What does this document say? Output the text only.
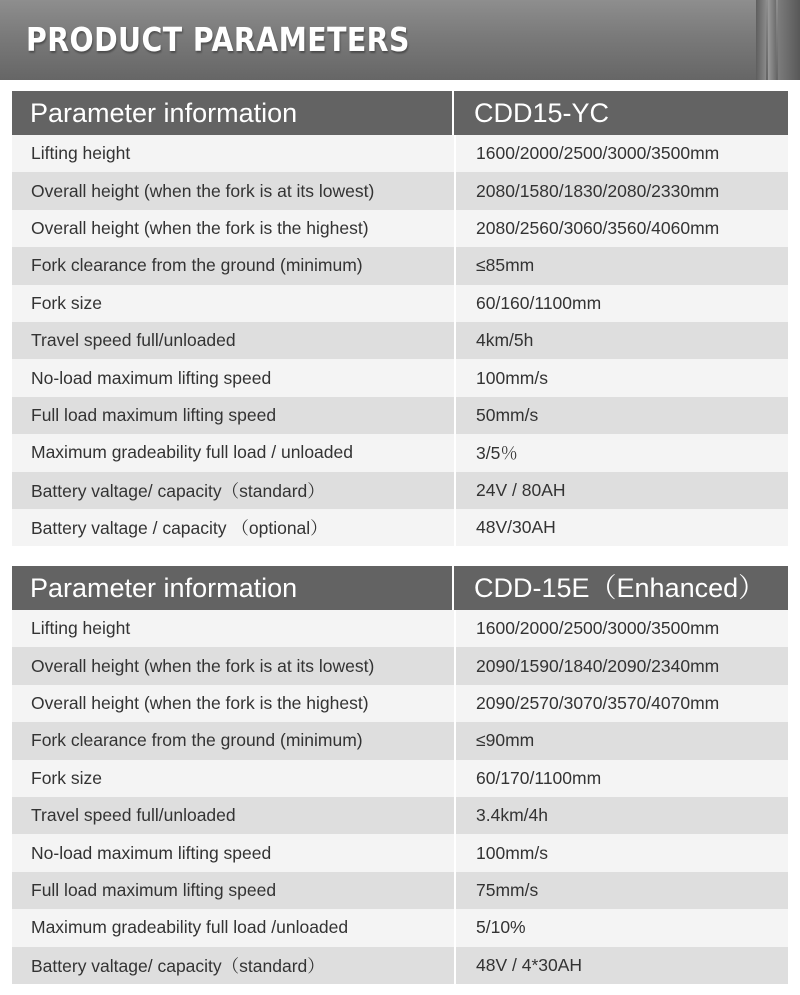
PRODUCT PARAMETERS
Parameter information	CDD15-YC
Lifting height	1600/2000/2500/3000/3500mm
Overall height (when the fork is at its lowest)	2080/1580/1830/2080/2330mm
Overall height (when the fork is the highest)	2080/2560/3060/3560/4060mm
Fork clearance from the ground (minimum)	≤85mm
Fork size	60/160/1100mm
Travel speed full/unloaded	4km/5h
No-load maximum lifting speed	100mm/s
Full load maximum lifting speed	50mm/s
Maximum gradeability full load / unloaded	3/5％
Battery valtage/ capacity（standard）	24V / 80AH
Battery valtage / capacity （optional）	48V/30AH
Parameter information	CDD-15E（Enhanced）
Lifting height	1600/2000/2500/3000/3500mm
Overall height (when the fork is at its lowest)	2090/1590/1840/2090/2340mm
Overall height (when the fork is the highest)	2090/2570/3070/3570/4070mm
Fork clearance from the ground (minimum)	≤90mm
Fork size	60/170/1100mm
Travel speed full/unloaded	3.4km/4h
No-load maximum lifting speed	100mm/s
Full load maximum lifting speed	75mm/s
Maximum gradeability full load /unloaded	5/10%
Battery valtage/ capacity（standard）	48V / 4*30AH
